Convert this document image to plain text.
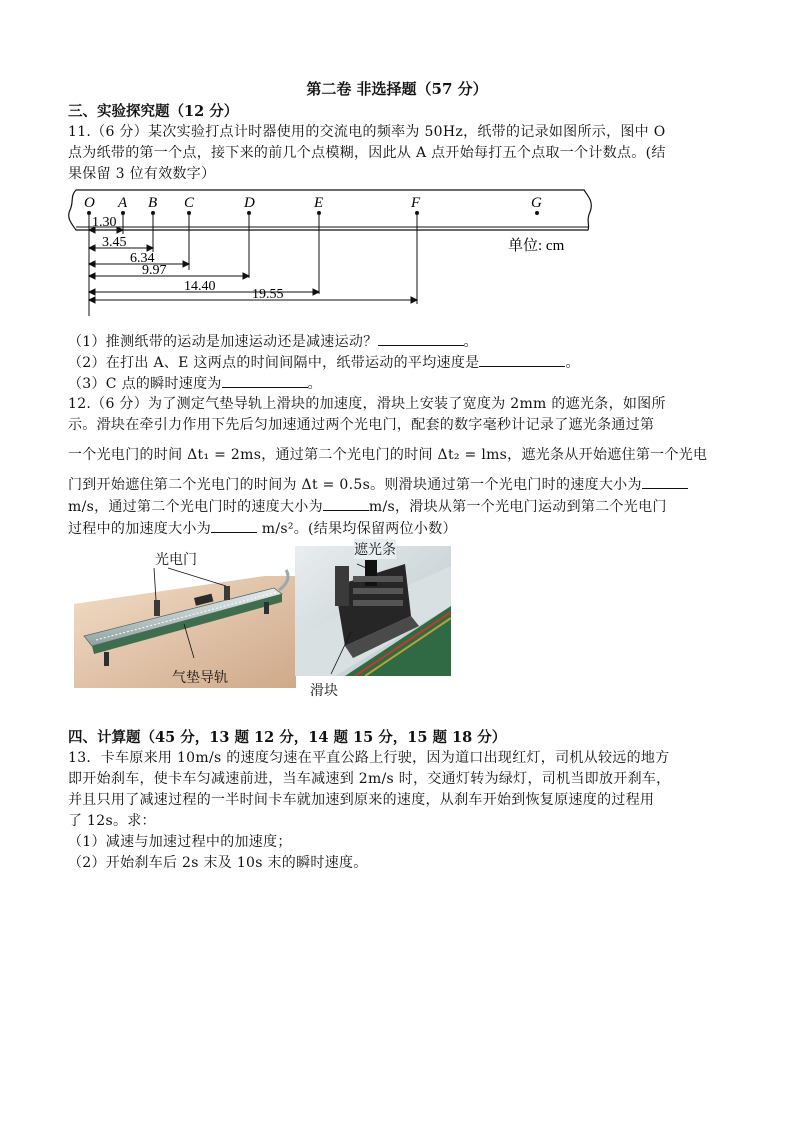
第二卷 非选择题（57 分）
三、实验探究题（12 分）
11.（6 分）某次实验打点计时器使用的交流电的频率为 50Hz，纸带的记录如图所示，图中 O
点为纸带的第一个点，接下来的前几个点模糊，因此从 A 点开始每打五个点取一个计数点。(结
果保留 3 位有效数字）
O A B C	D	E	F	G
单位: cm
1.30
3.45
6.34
9.97
14.40
19.55
（1）推测纸带的运动是加速运动还是减速运动？	。
（2）在打出 A、E 这两点的时间间隔中，纸带运动的平均速度是	。
（3）C 点的瞬时速度为	。
12.（6 分）为了测定气垫导轨上滑块的加速度，滑块上安装了宽度为 2mm 的遮光条，如图所
示。滑块在牵引力作用下先后匀加速通过两个光电门，配套的数字毫秒计记录了遮光条通过第
一个光电门的时间 Δt₁ = 2ms，通过第二个光电门的时间 Δt₂ = lms，遮光条从开始遮住第一个光电
门到开始遮住第二个光电门的时间为 Δt = 0.5s。则滑块通过第一个光电门时的速度大小为
m/s，通过第二个光电门时的速度大小为	m/s，滑块从第一个光电门运动到第二个光电门
过程中的加速度大小为	m/s²。(结果均保留两位小数）
光电门
气垫导轨
遮光条
滑块
四、计算题（45 分，13 题 12 分，14 题 15 分，15 题 18 分）
13．卡车原来用 10m/s 的速度匀速在平直公路上行驶，因为道口出现红灯，司机从较远的地方
即开始刹车，使卡车匀减速前进，当车减速到 2m/s 时，交通灯转为绿灯，司机当即放开刹车，
并且只用了减速过程的一半时间卡车就加速到原来的速度，从刹车开始到恢复原速度的过程用
了 12s。求：
（1）减速与加速过程中的加速度；
（2）开始刹车后 2s 末及 10s 末的瞬时速度。
